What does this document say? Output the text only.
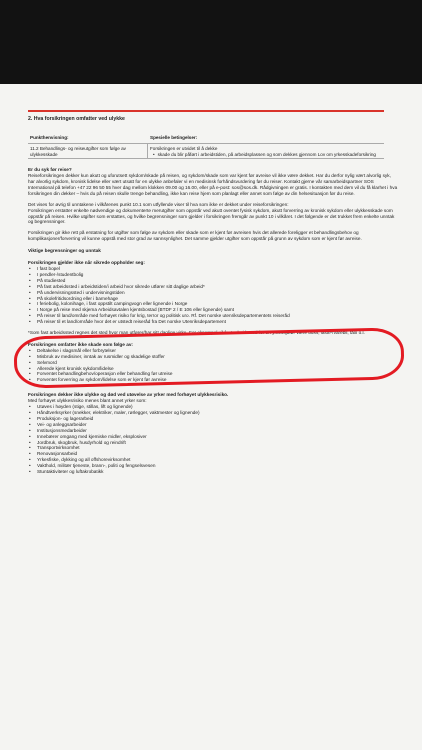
2. Hva forsikringen omfatter ved ulykke
Punkthenvisning:	Spesielle betingelser:
11.2 Behandlings- og reiseutgifter som følge av ulykkesskade
Forsikringen er utvidet til å dekke
• skade du blir påført i arbeidstiden, på arbeidsplassen og som dekkes gjennom Lov om yrkesskadeforsikring
Er du syk før reise?
Reiseforsikringen dekker kun akutt og uforutsett sykdom/skade på reisen, og sykdom/skade som var kjent før avreise vil ikke være dekket. Har du derfor nylig vært alvorlig syk, har alvorlig sykdom, kronisk lidelse eller vært utsatt for en ulykke anbefaler vi en medisinsk forhåndsvurdering før du reiser. Kontakt gjerne vår samarbeidspartner SOS International på telefon +47 22 96 50 55 hver dag mellom klokken 09.00 og 16.00, eller på e-post: sos@sos.dk. Rådgivningen er gratis. I kontakten med dem vil du få klarhet i hva forsikringen din dekker – hvis du på reisen skulle trenge behandling, ikke kan reise hjem som planlagt eller annet som følge av din helsesituasjon før du reise.
Det vises for øvrig til unntakene i vilkårenes punkt 10.1 som utfyllende viser til hva som ikke er dekket under reiseforsikringen:
Forsikringen erstatter enkelte nødvendige og dokumenterte merutgifter som oppstår ved akutt oventet fysisk sykdom, akutt forverring av kronisk sykdom eller ulykkesskade som oppstår på reisen. Hvilke utgifter som erstattes, og hvilke begrensninger som gjelder i forsikringen fremgår av punkt 10 i vilkåret. I det følgende er det trukket frem enkelte unntak og begrensninger.
Forsikringen gir ikke rett på erstatning for utgifter som følge av sykdom eller skade som er kjent før avreisen hvis det allerede foreligger et behandlingsbehov og komplikasjoner/forverring vil kunne oppstå med stor grad av sannsynlighet. Det samme gjelder utgifter som oppstår på grunn av sykdom som er kjent før avreise.
Viktige begrensninger og unntak
Forsikringen gjelder ikke når sikrede oppholder seg:
• I fast bopel
• I pendler-/studentbolig
• På studiested
• På fast arbeidssted i arbeidstiden/i arbeid hvor sikrede utfører sitt daglige arbeid*
• På undervisningssted i undervisningstiden
• På skolefritidsordning eller i barnehage
• I feriebolig, kolonihage, i fast oppstilt campingvogn eller lignende i Norge
• I Norge på reise med skjema Arbeidsavtalen kjentsbostad (BTDF 2 / E 106 eller lignende) samt
• På reiser til land/område med forhøyet risiko for krig, terror og politisk uro. Rf. Det norske utenriksdepartementets reiseråd
• På reiser til et land/område hvor det er utstedt reiseråd fra Det norske Utenriksdepartement
*Som fast arbeidssted regnes det sted hvor man utfører/har sitt daglige virke. For eksempel vil fast arbeidssted for en yrkessjåfør være buss, laste-/varebil, taxi o.l.
Forsikringen omfatter ikke skade som følge av:
• Deltakelse i slagsmål eller forbrytelser
• Misbruk av medisiner, inntak av rusmidler og skadelige stoffer
• Selvmord
• Allerede kjent kronisk sykdom/lidelse
• Forventet behandlingbehov/operasjon eller behandling før utreise
• Forventet forverring av sykdom/lidelse som er kjent før avreise
Forsikringen dekker ikke ulykke og død ved utøvelse av yrker med forhøyet ulykkesrisiko.
Med forhøyet ulykkesrisiko menes blant annet yrker som:
• Utøves i høyden (stige, stillas, lift og lignende)
• Håndtverksyrker (snekker, elektriker, maler, rørlegger, vaktmester og lignende)
• Produksjon- og lagerarbeid
• Vei- og anleggsarbeider
• Institusjonsmedarbeider
• Innebærer omgang med kjemiske midler, eksplosiver
• Jordbruk, skogbruk, husdyrhold og reindrift
• Transportvirksomhet
• Renovasjonsarbeid
• Yrkesfiske, dykking og all offshorevirksomhet
• Vakthold, militær tjeneste, brann-, politi og fengselsvesen
• Stuntaktiviteter og luftakrobatikk
